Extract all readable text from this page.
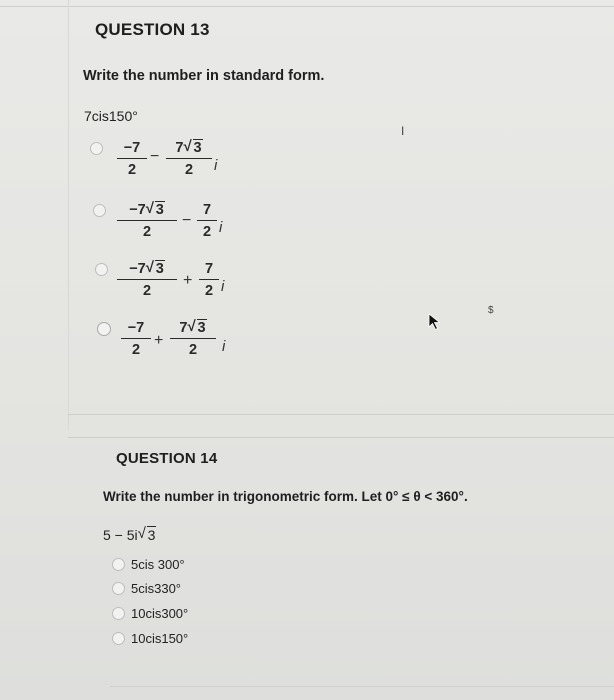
QUESTION 13
Write the number in standard form.
7cis150°
−7
2
−	7 √ 3
2	i
−7 √ 3
2
−
7
2 i
−7 √ 3
2
+
7
2 i
−7
2
+
7 √ 3
2	i
I
$
QUESTION 14
Write the number in trigonometric form. Let 0° ≤ θ < 360°.
5 − 5i √ 3
5cis 300°
5cis330°
10cis300°
10cis150°
